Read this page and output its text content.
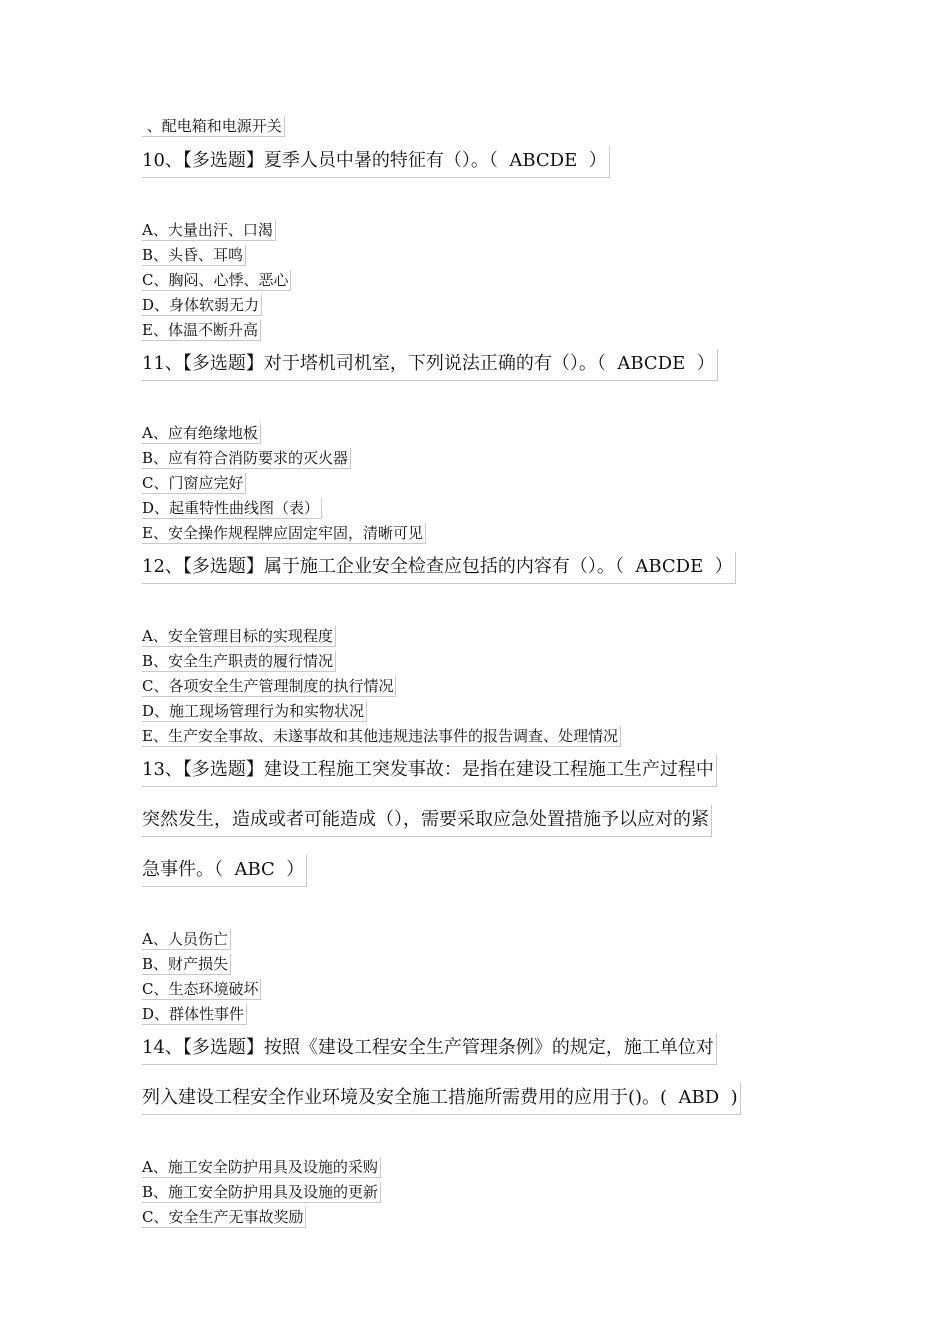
、配电箱和电源开关
10、【多选题】夏季人员中暑的特征有（）。（  ABCDE  ）
A、大量出汗、口渴
B、头昏、耳鸣
C、胸闷、心悸、恶心
D、身体软弱无力
E、体温不断升高
11、【多选题】对于塔机司机室，下列说法正确的有（）。（  ABCDE  ）
A、应有绝缘地板
B、应有符合消防要求的灭火器
C、门窗应完好
D、起重特性曲线图（表）
E、安全操作规程牌应固定牢固，清晰可见
12、【多选题】属于施工企业安全检查应包括的内容有（）。（  ABCDE  ）
A、安全管理目标的实现程度
B、安全生产职责的履行情况
C、各项安全生产管理制度的执行情况
D、施工现场管理行为和实物状况
E、生产安全事故、未遂事故和其他违规违法事件的报告调查、处理情况
13、【多选题】建设工程施工突发事故：是指在建设工程施工生产过程中
突然发生，造成或者可能造成（），需要采取应急处置措施予以应对的紧
急事件。（  ABC  ）
A、人员伤亡
B、财产损失
C、生态环境破坏
D、群体性事件
14、【多选题】按照《建设工程安全生产管理条例》的规定，施工单位对
列入建设工程安全作业环境及安全施工措施所需费用的应用于()。(  ABD  )
A、施工安全防护用具及设施的采购
B、施工安全防护用具及设施的更新
C、安全生产无事故奖励
